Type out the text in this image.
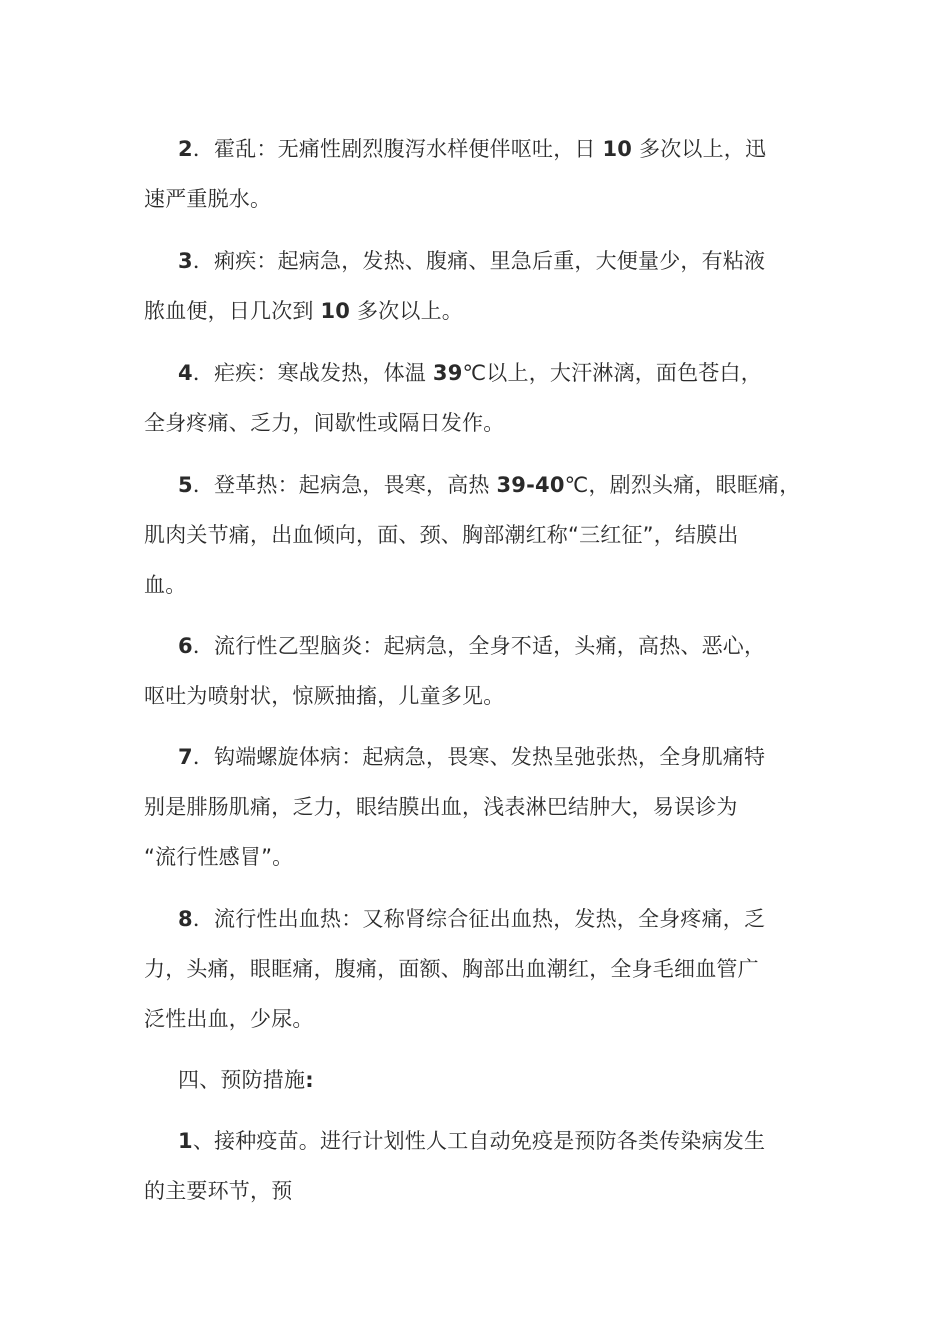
2．霍乱：无痛性剧烈腹泻水样便伴呕吐，日 10 多次以上，迅
速严重脱水。
3．痢疾：起病急，发热、腹痛、里急后重，大便量少，有粘液
脓血便，日几次到 10 多次以上。
4．疟疾：寒战发热，体温 39℃以上，大汗淋漓，面色苍白，
全身疼痛、乏力，间歇性或隔日发作。
5．登革热：起病急，畏寒，高热 39-40℃，剧烈头痛，眼眶痛，
肌肉关节痛，出血倾向，面、颈、胸部潮红称“三红征”，结膜出
血。
6．流行性乙型脑炎：起病急，全身不适，头痛，高热、恶心，
呕吐为喷射状，惊厥抽搐，儿童多见。
7．钩端螺旋体病：起病急，畏寒、发热呈弛张热，全身肌痛特
别是腓肠肌痛，乏力，眼结膜出血，浅表淋巴结肿大，易误诊为
“流行性感冒”。
8．流行性出血热：又称肾综合征出血热，发热，全身疼痛，乏
力，头痛，眼眶痛，腹痛，面额、胸部出血潮红，全身毛细血管广
泛性出血，少尿。
四、预防措施:
1、接种疫苗。进行计划性人工自动免疫是预防各类传染病发生
的主要环节，预
